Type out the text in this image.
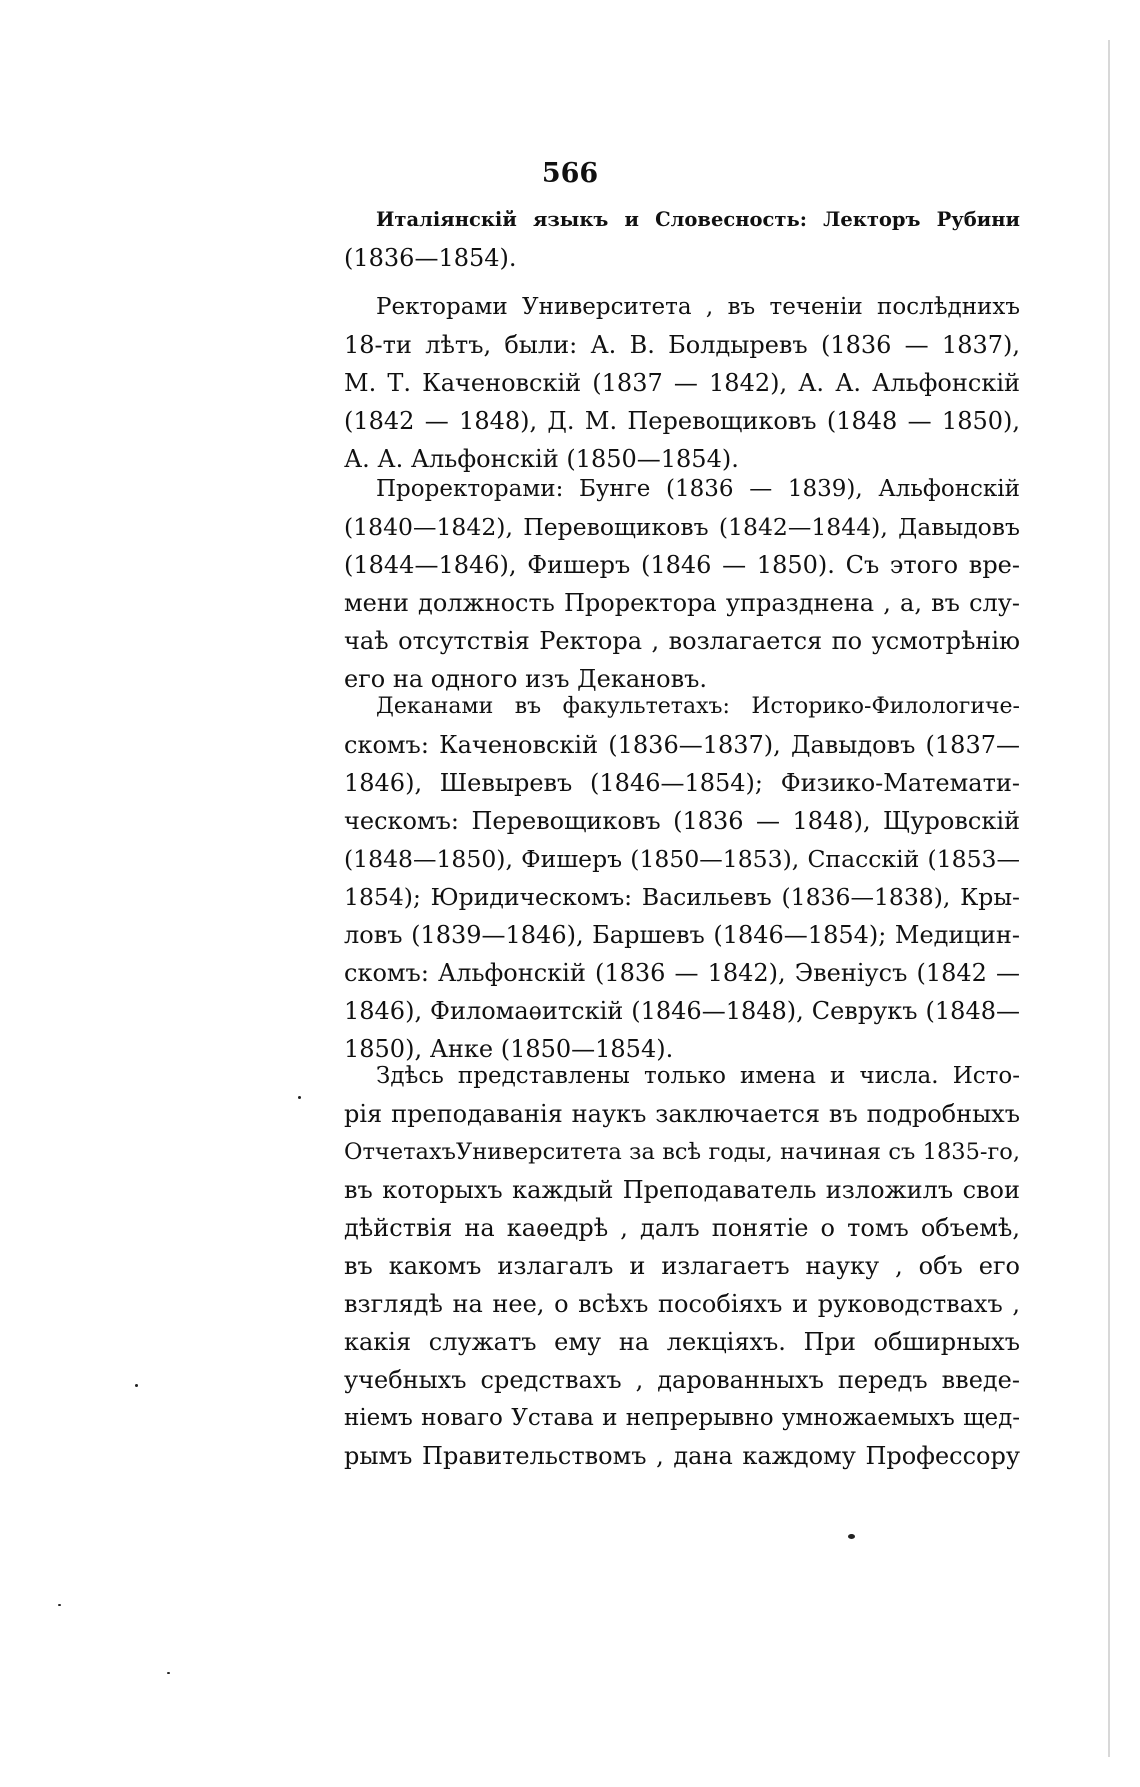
566
Италіянскій языкъ и Словесность: Лекторъ Рубини
(1836—1854).
Ректорами Университета , въ теченіи послѣднихъ
18-ти лѣтъ, были: А. В. Болдыревъ (1836 — 1837),
М. Т. Каченовскій (1837 — 1842), А. А. Альфонскій
(1842 — 1848), Д. М. Перевощиковъ (1848 — 1850),
А. А. Альфонскій (1850—1854).
Проректорами: Бунге (1836 — 1839), Альфонскій
(1840—1842), Перевощиковъ (1842—1844), Давыдовъ
(1844—1846), Фишеръ (1846 — 1850). Съ этого вре-
мени должность Проректора упразднена , а, въ слу-
чаѣ отсутствія Ректора , возлагается по усмотрѣнію
его на одного изъ Декановъ.
Деканами въ факультетахъ: Историко-Филологиче-
скомъ: Каченовскій (1836—1837), Давыдовъ (1837—
1846), Шевыревъ (1846—1854); Физико-Математи-
ческомъ: Перевощиковъ (1836 — 1848), Щуровскій
(1848—1850), Фишеръ (1850—1853), Спасскій (1853—
1854); Юридическомъ: Васильевъ (1836—1838), Кры-
ловъ (1839—1846), Баршевъ (1846—1854); Медицин-
скомъ: Альфонскій (1836 — 1842), Эвеніусъ (1842 —
1846), Филомаѳитскій (1846—1848), Севрукъ (1848—
1850), Анке (1850—1854).
Здѣсь представлены только имена и числа. Исто-
рія преподаванія наукъ заключается въ подробныхъ
ОтчетахъУниверситета за всѣ годы, начиная съ 1835-го,
въ которыхъ каждый Преподаватель изложилъ свои
дѣйствія на каѳедрѣ , далъ понятіе о томъ объемѣ,
въ какомъ излагалъ и излагаетъ науку , объ его
взглядѣ на нее, о всѣхъ пособіяхъ и руководствахъ ,
какія служатъ ему на лекціяхъ. При обширныхъ
учебныхъ средствахъ , дарованныхъ передъ введе-
ніемъ новаго Устава и непрерывно умножаемыхъ щед-
рымъ Правительствомъ , дана каждому Профессору
